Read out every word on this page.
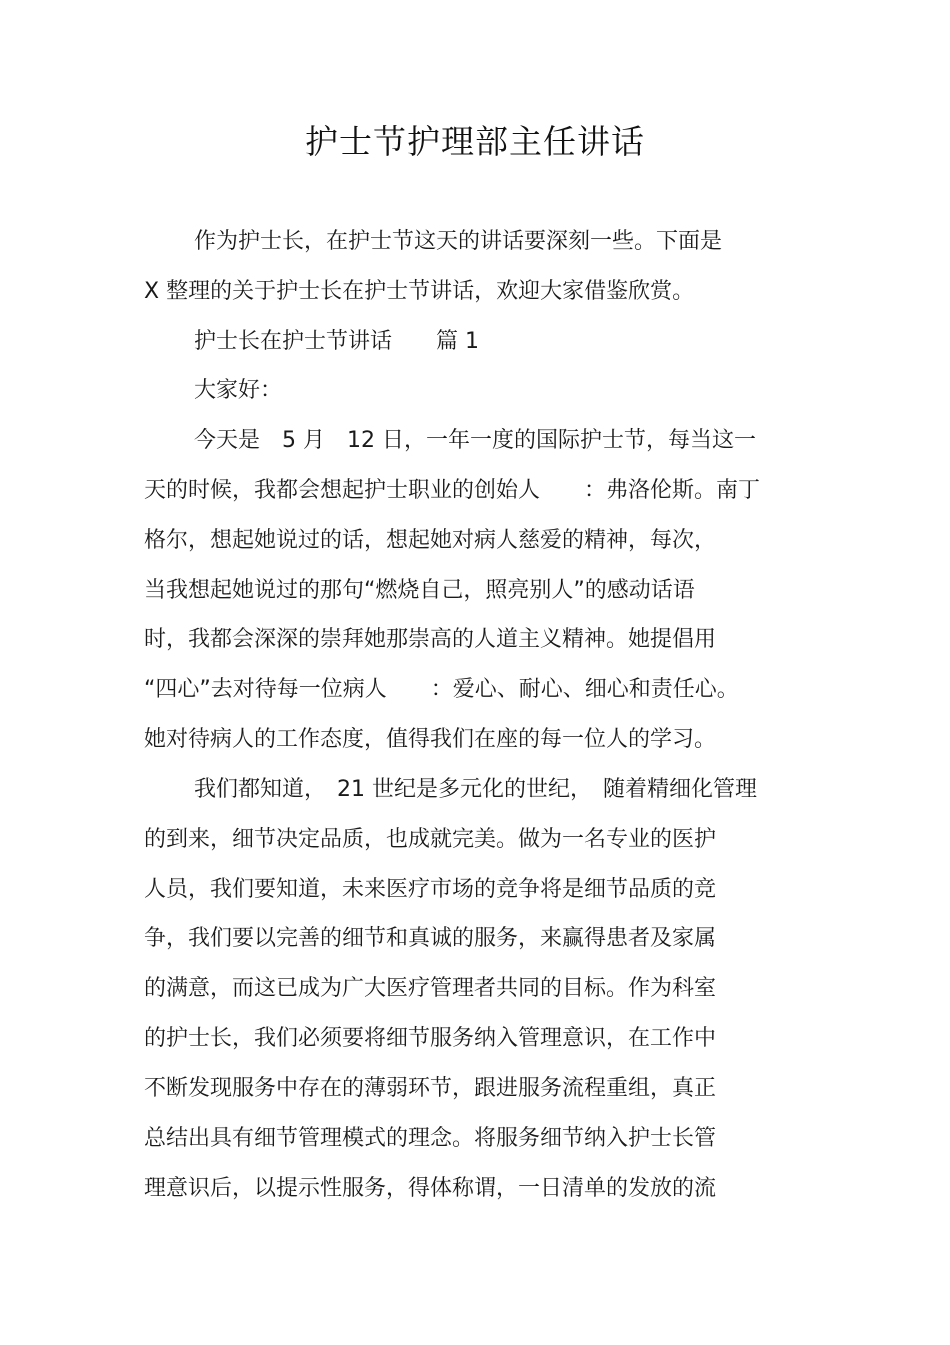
护士节护理部主任讲话
作为护士长，在护士节这天的讲话要深刻一些。下面是
X 整理的关于护士长在护士节讲话，欢迎大家借鉴欣赏。
护士长在护士节讲话　　篇 1
大家好：
今天是　5 月　12 日，一年一度的国际护士节，每当这一
天的时候，我都会想起护士职业的创始人　　：弗洛伦斯。南丁
格尔，想起她说过的话，想起她对病人慈爱的精神，每次，
当我想起她说过的那句“燃烧自己，照亮别人”的感动话语
时，我都会深深的崇拜她那崇高的人道主义精神。她提倡用
“四心”去对待每一位病人　　：爱心、耐心、细心和责任心。
她对待病人的工作态度，值得我们在座的每一位人的学习。
我们都知道，　21 世纪是多元化的世纪，　随着精细化管理
的到来，细节决定品质，也成就完美。做为一名专业的医护
人员，我们要知道，未来医疗市场的竞争将是细节品质的竞
争，我们要以完善的细节和真诚的服务，来赢得患者及家属
的满意，而这已成为广大医疗管理者共同的目标。作为科室
的护士长，我们必须要将细节服务纳入管理意识，在工作中
不断发现服务中存在的薄弱环节，跟进服务流程重组，真正
总结出具有细节管理模式的理念。将服务细节纳入护士长管
理意识后，以提示性服务，得体称谓，一日清单的发放的流
